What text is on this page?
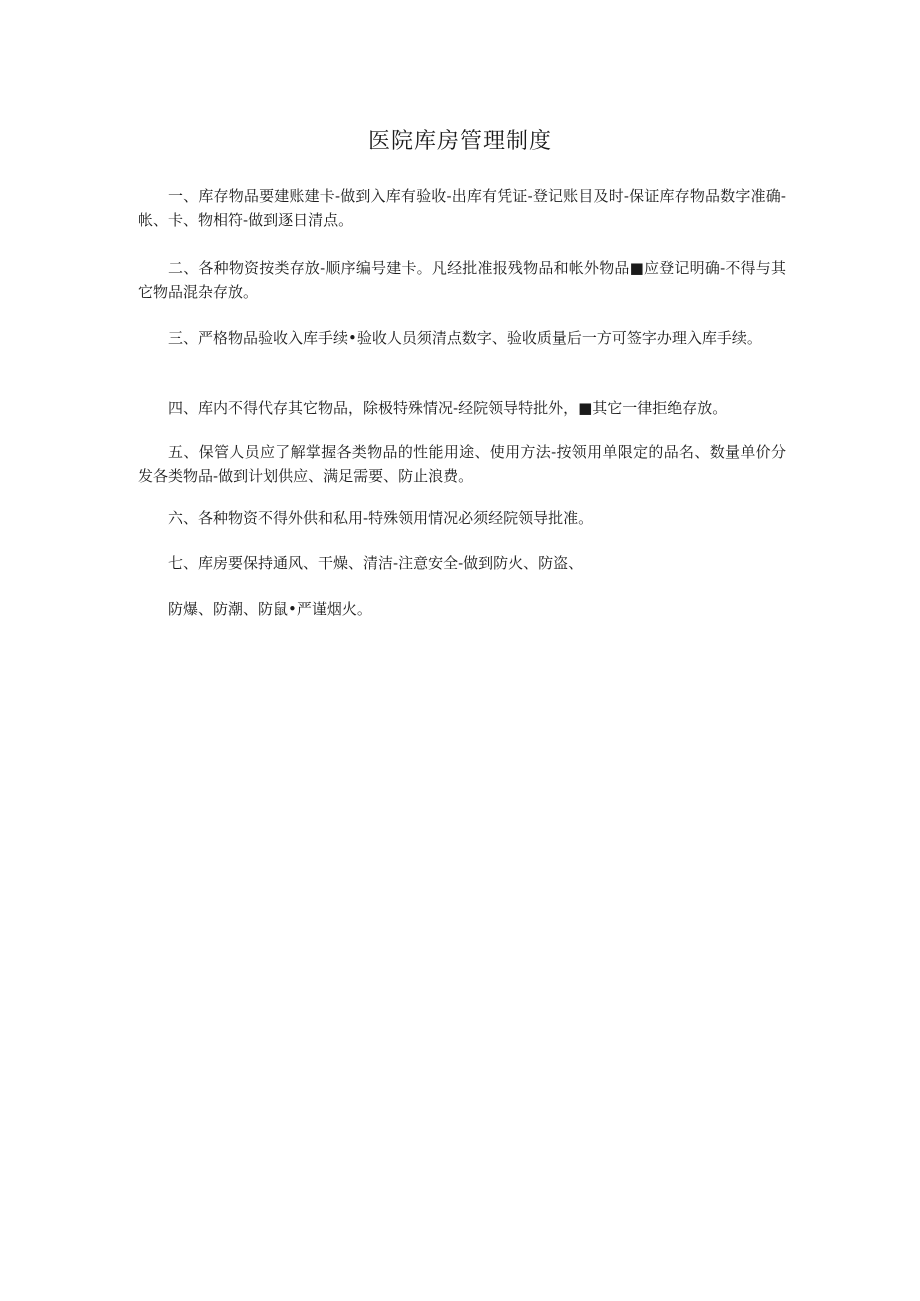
医院库房管理制度

一、库存物品要建账建卡-做到入库有验收-出库有凭证-登记账目及时-保证库存物品数字准确-帐、卡、物相符-做到逐日清点。

二、各种物资按类存放-顺序编号建卡。凡经批准报残物品和帐外物品■应登记明确-不得与其它物品混杂存放。

三、严格物品验收入库手续•验收人员须清点数字、验收质量后一方可签字办理入库手续。

四、库内不得代存其它物品，除极特殊情况-经院领导特批外，■其它一律拒绝存放。

五、保管人员应了解掌握各类物品的性能用途、使用方法-按领用单限定的品名、数量单价分发各类物品-做到计划供应、满足需要、防止浪费。

六、各种物资不得外供和私用-特殊领用情况必须经院领导批准。

七、库房要保持通风、干燥、清洁-注意安全-做到防火、防盗、

防爆、防潮、防鼠•严谨烟火。
